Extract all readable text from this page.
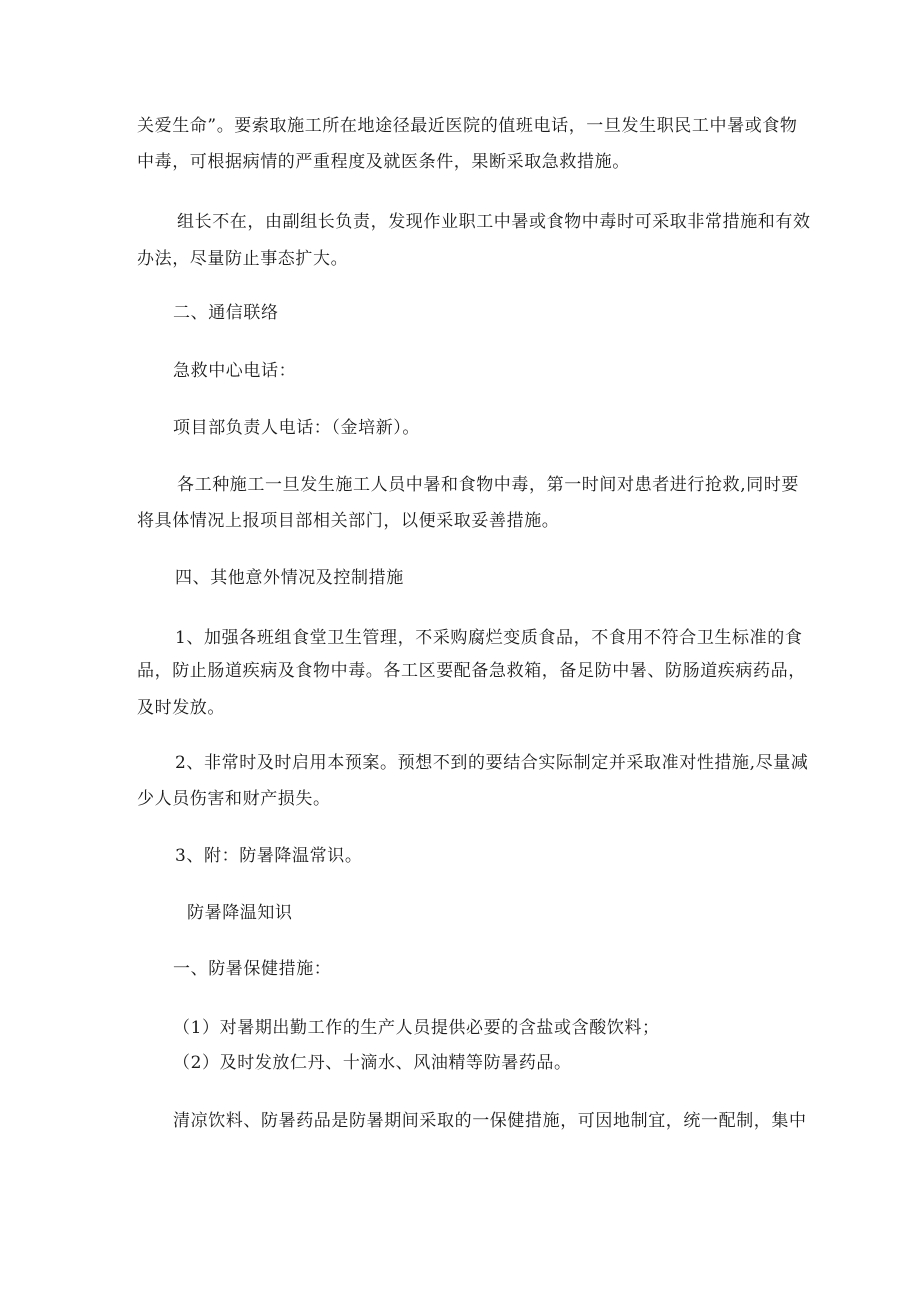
关爱生命”。要索取施工所在地途径最近医院的值班电话，一旦发生职民工中暑或食物
中毒，可根据病情的严重程度及就医条件，果断采取急救措施。
组长不在，由副组长负责，发现作业职工中暑或食物中毒时可采取非常措施和有效
办法，尽量防止事态扩大。
二、通信联络
急救中心电话：
项目部负责人电话：（金培新）。
各工种施工一旦发生施工人员中暑和食物中毒，第一时间对患者进行抢救,同时要
将具体情况上报项目部相关部门，以便采取妥善措施。
四、其他意外情况及控制措施
1、加强各班组食堂卫生管理，不采购腐烂变质食品，不食用不符合卫生标准的食
品，防止肠道疾病及食物中毒。各工区要配备急救箱，备足防中暑、防肠道疾病药品，
及时发放。
2、非常时及时启用本预案。预想不到的要结合实际制定并采取准对性措施,尽量减
少人员伤害和财产损失。
3、附：防暑降温常识。
防暑降温知识
一、防暑保健措施：
（1）对暑期出勤工作的生产人员提供必要的含盐或含酸饮料；
（2）及时发放仁丹、十滴水、风油精等防暑药品。
清凉饮料、防暑药品是防暑期间采取的一保健措施，可因地制宜，统一配制，集中
